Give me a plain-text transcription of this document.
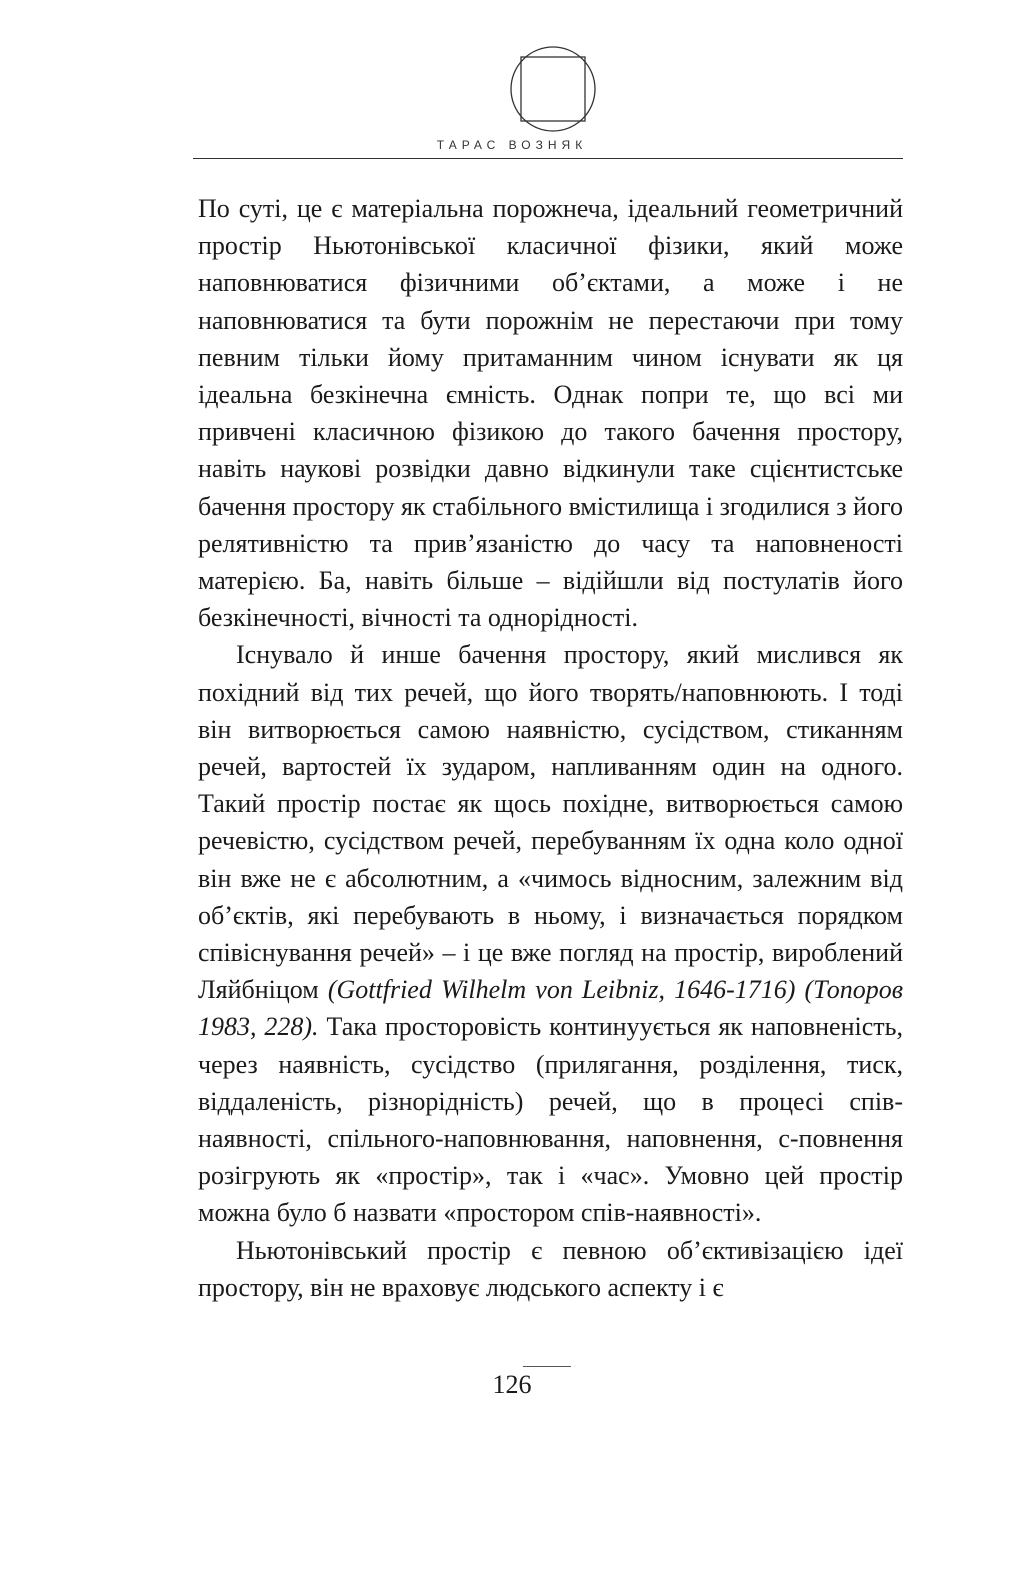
ТАРАС ВОЗНЯК

По суті, це є матеріальна порожнеча, ідеальний геометричний простір Ньютонівської класичної фізики, який може наповнюватися фізичними об’єктами, а може і не наповнюватися та бути порожнім не перестаючи при тому певним тільки йому притаманним чином існувати як ця ідеальна безкінечна ємність. Однак попри те, що всі ми привчені класичною фізикою до такого бачення простору, навіть наукові розвідки давно відкинули таке сцієнтистське бачення простору як стабільного вмістилища і згодилися з його релятивністю та прив’язаністю до часу та наповненості матерією. Ба, навіть більше – відійшли від постулатів його безкінечності, вічності та однорідності.

Існувало й инше бачення простору, який мислився як похідний від тих речей, що його творять/наповнюють. І тоді він витворюється самою наявністю, сусідством, стиканням речей, вартостей їх зударом, напливанням один на одного. Такий простір постає як щось похідне, витворюється самою речевістю, сусідством речей, перебуванням їх одна коло одної він вже не є абсолютним, а «чимось відносним, залежним від об’єктів, які перебувають в ньому, і визначається порядком співіснування речей» – і це вже погляд на простір, вироблений Ляйбніцом (Gottfried Wilhelm von Leibniz, 1646-1716) (Топоров 1983, 228). Така просторовість континуується як наповненість, через наявність, сусідство (прилягання, розділення, тиск, віддаленість, різнорідність) речей, що в процесі спів-наявності, спільного-наповнювання, наповнення, с-повнення розігрують як «простір», так і «час». Умовно цей простір можна було б назвати «простором спів-наявності».

Ньютонівський простір є певною об’єктивізацією ідеї простору, він не враховує людського аспекту і є

126
